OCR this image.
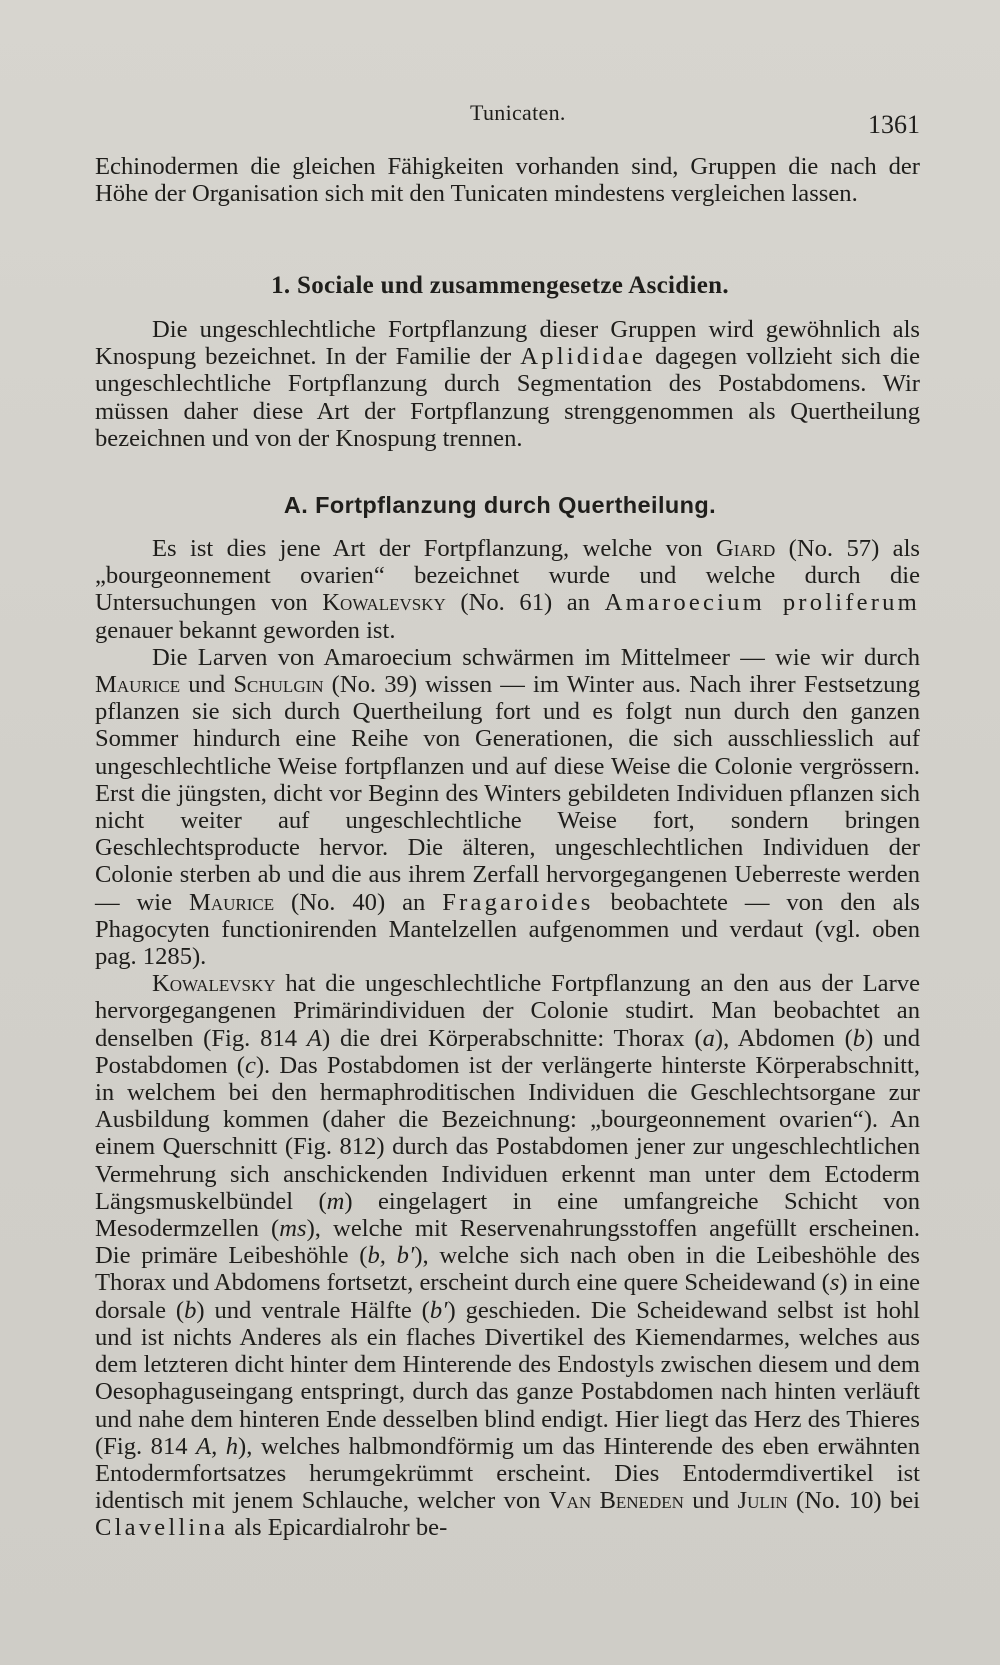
Tunicaten.	1361

Echinodermen die gleichen Fähigkeiten vorhanden sind, Gruppen die nach der Höhe der Organisation sich mit den Tunicaten mindestens vergleichen lassen.

1. Sociale und zusammengesetze Ascidien.

Die ungeschlechtliche Fortpflanzung dieser Gruppen wird gewöhnlich als Knospung bezeichnet. In der Familie der Aplididae dagegen vollzieht sich die ungeschlechtliche Fortpflanzung durch Segmentation des Postabdomens. Wir müssen daher diese Art der Fortpflanzung strenggenommen als Quertheilung bezeichnen und von der Knospung trennen.

A. Fortpflanzung durch Quertheilung.

Es ist dies jene Art der Fortpflanzung, welche von Giard (No. 57) als „bourgeonnement ovarien“ bezeichnet wurde und welche durch die Untersuchungen von Kowalevsky (No. 61) an Amaroecium proliferum genauer bekannt geworden ist.

Die Larven von Amaroecium schwärmen im Mittelmeer — wie wir durch Maurice und Schulgin (No. 39) wissen — im Winter aus. Nach ihrer Festsetzung pflanzen sie sich durch Quertheilung fort und es folgt nun durch den ganzen Sommer hindurch eine Reihe von Generationen, die sich ausschliesslich auf ungeschlechtliche Weise fortpflanzen und auf diese Weise die Colonie vergrössern. Erst die jüngsten, dicht vor Beginn des Winters gebildeten Individuen pflanzen sich nicht weiter auf ungeschlechtliche Weise fort, sondern bringen Geschlechtsproducte hervor. Die älteren, ungeschlechtlichen Individuen der Colonie sterben ab und die aus ihrem Zerfall hervorgegangenen Ueberreste werden — wie Maurice (No. 40) an Fragaroides beobachtete — von den als Phagocyten functionirenden Mantelzellen aufgenommen und verdaut (vgl. oben pag. 1285).

Kowalevsky hat die ungeschlechtliche Fortpflanzung an den aus der Larve hervorgegangenen Primärindividuen der Colonie studirt. Man beobachtet an denselben (Fig. 814 A) die drei Körperabschnitte: Thorax (a), Abdomen (b) und Postabdomen (c). Das Postabdomen ist der verlängerte hinterste Körperabschnitt, in welchem bei den hermaphroditischen Individuen die Geschlechtsorgane zur Ausbildung kommen (daher die Bezeichnung: „bourgeonnement ovarien“). An einem Querschnitt (Fig. 812) durch das Postabdomen jener zur ungeschlechtlichen Vermehrung sich anschickenden Individuen erkennt man unter dem Ectoderm Längsmuskelbündel (m) eingelagert in eine umfangreiche Schicht von Mesodermzellen (ms), welche mit Reservenahrungsstoffen angefüllt erscheinen. Die primäre Leibeshöhle (b, b′), welche sich nach oben in die Leibeshöhle des Thorax und Abdomens fortsetzt, erscheint durch eine quere Scheidewand (s) in eine dorsale (b) und ventrale Hälfte (b′) geschieden. Die Scheidewand selbst ist hohl und ist nichts Anderes als ein flaches Divertikel des Kiemendarmes, welches aus dem letzteren dicht hinter dem Hinterende des Endostyls zwischen diesem und dem Oesophaguseingang entspringt, durch das ganze Postabdomen nach hinten verläuft und nahe dem hinteren Ende desselben blind endigt. Hier liegt das Herz des Thieres (Fig. 814 A, h), welches halbmondförmig um das Hinterende des eben erwähnten Entodermfortsatzes herumgekrümmt erscheint. Dies Entodermdivertikel ist identisch mit jenem Schlauche, welcher von Van Beneden und Julin (No. 10) bei Clavellina als Epicardialrohr be-
